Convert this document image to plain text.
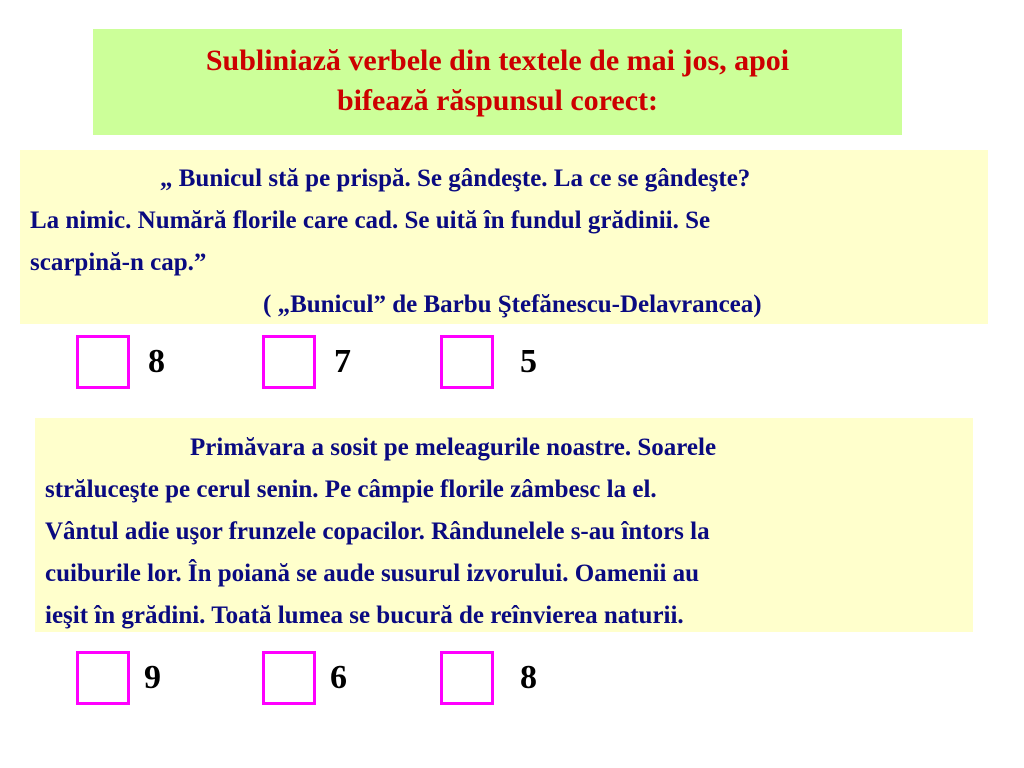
Subliniază verbele din textele de mai jos, apoi
bifează răspunsul corect:
„ Bunicul stă pe prispă. Se gândeşte. La ce se gândeşte?
La nimic. Numără florile care cad. Se uită în fundul grădinii. Se
scarpină-n cap.”
( „Bunicul” de Barbu Ştefănescu-Delavrancea)
8	7	5
Primăvara a sosit pe meleagurile noastre. Soarele
străluceşte pe cerul senin. Pe câmpie florile zâmbesc la el.
Vântul adie uşor frunzele copacilor. Rândunelele s-au întors la
cuiburile lor. În poiană se aude susurul izvorului. Oamenii au
ieşit în grădini. Toată lumea se bucură de reînvierea naturii.
9	6	8
